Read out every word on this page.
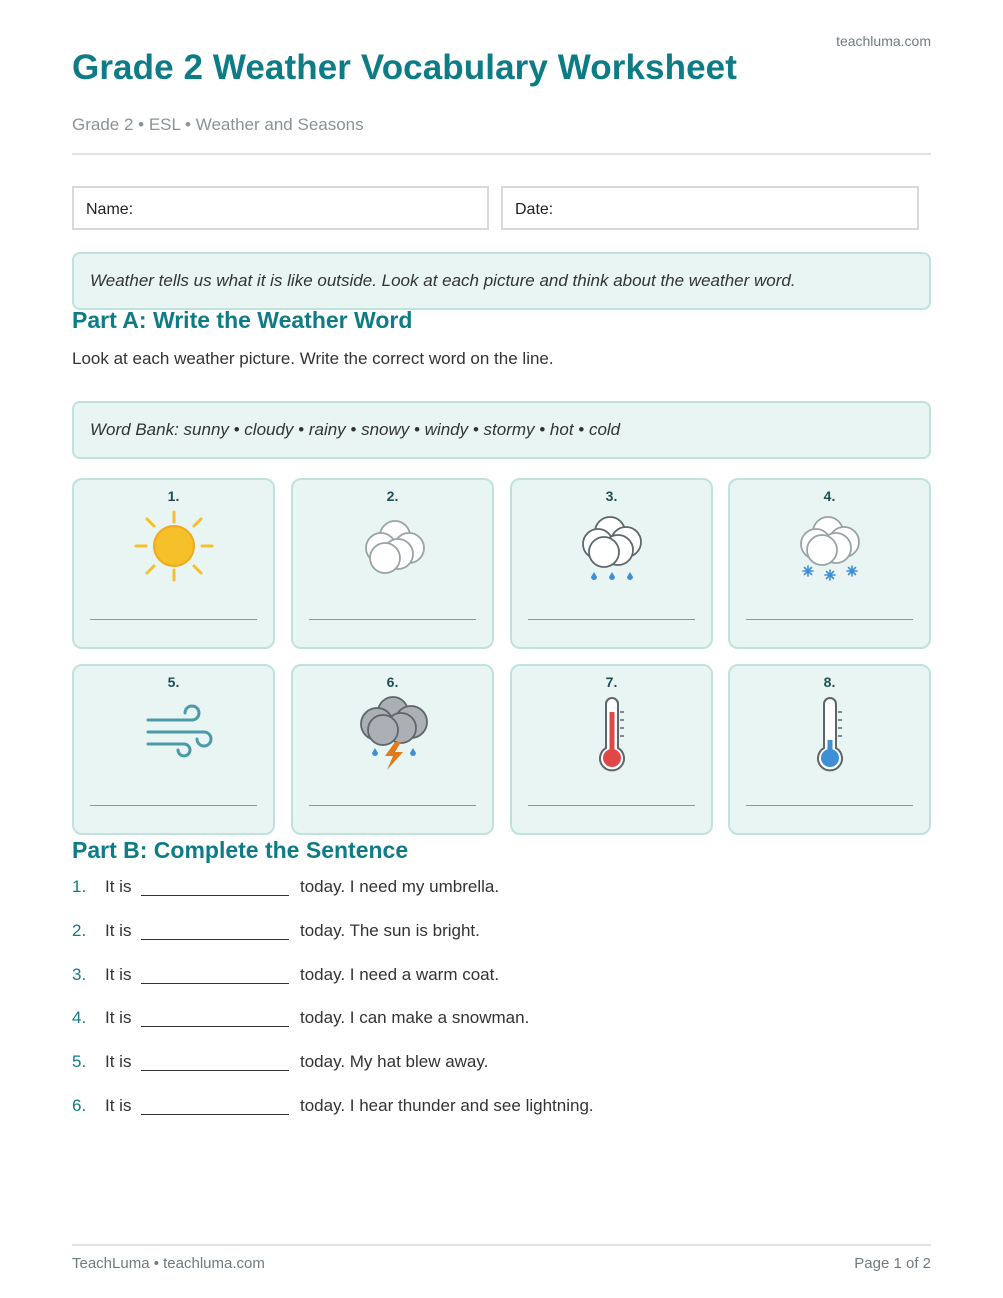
teachluma.com
Grade 2 Weather Vocabulary Worksheet
Grade 2 • ESL • Weather and Seasons
Name:	Date:
Weather tells us what it is like outside. Look at each picture and think about the weather word.
Part A: Write the Weather Word
Look at each weather picture. Write the correct word on the line.
Word Bank: sunny • cloudy • rainy • snowy • windy • stormy • hot • cold
1.	2.	3.	4.
5.	6.	7.	8.
Part B: Complete the Sentence
1. It is	today. I need my umbrella.
2. It is	today. The sun is bright.
3. It is	today. I need a warm coat.
4. It is	today. I can make a snowman.
5. It is	today. My hat blew away.
6. It is	today. I hear thunder and see lightning.
TeachLuma • teachluma.com	Page 1 of 2
